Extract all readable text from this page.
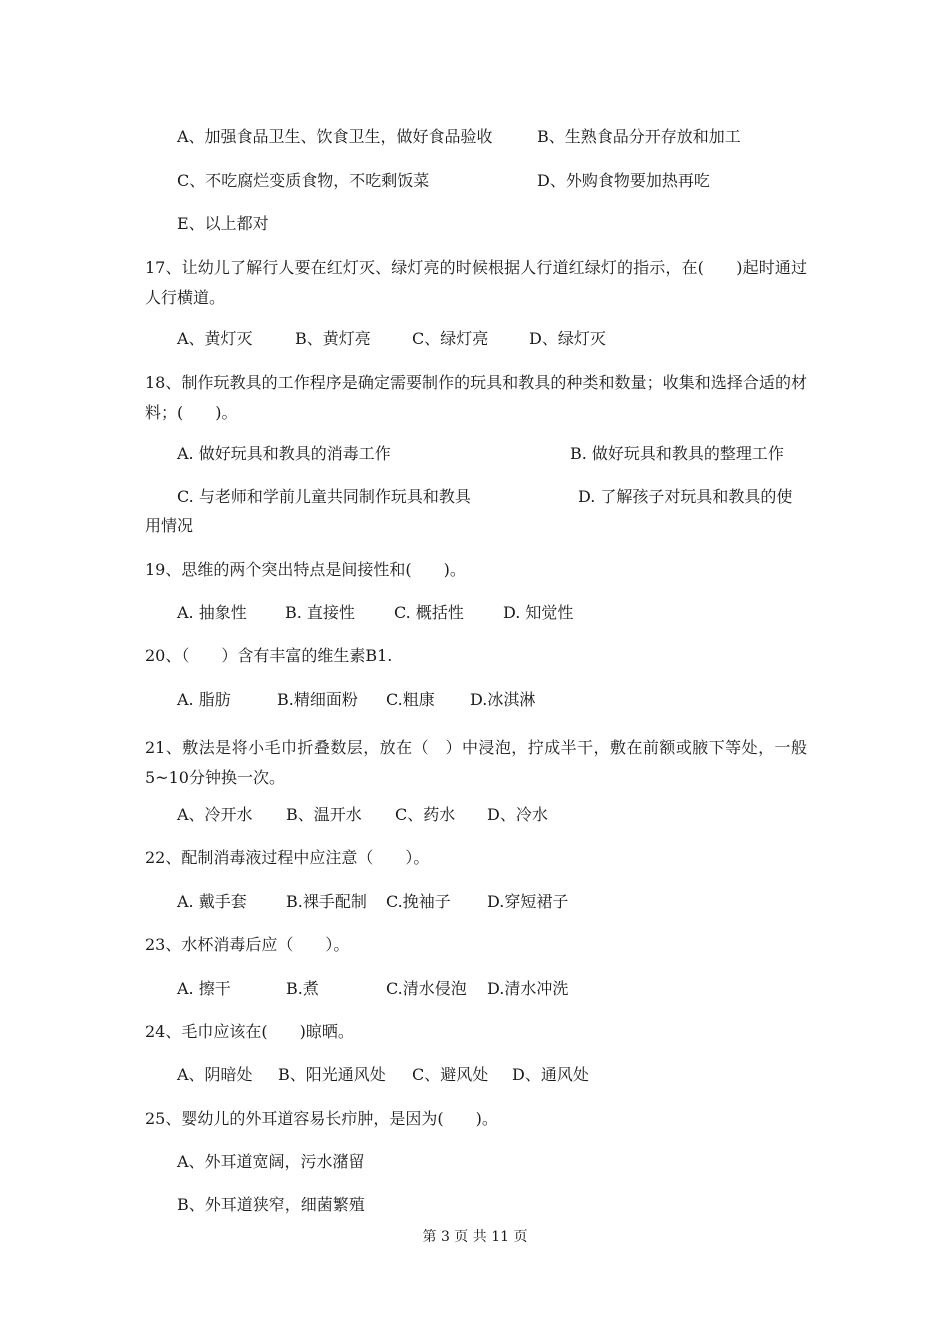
A、加强食品卫生、饮食卫生，做好食品验收	B、生熟食品分开存放和加工
C、不吃腐烂变质食物，不吃剩饭菜	D、外购食物要加热再吃
E、以上都对
17、让幼儿了解行人要在红灯灭、绿灯亮的时候根据人行道红绿灯的指示，在(　　)起时通过人行横道。
A、黄灯灭	B、黄灯亮	C、绿灯亮	D、绿灯灭
18、制作玩教具的工作程序是确定需要制作的玩具和教具的种类和数量；收集和选择合适的材料；(　　)。
A. 做好玩具和教具的消毒工作	B. 做好玩具和教具的整理工作
C. 与老师和学前儿童共同制作玩具和教具	D. 了解孩子对玩具和教具的使
用情况
19、思维的两个突出特点是间接性和(　　)。
A. 抽象性 B. 直接性 C. 概括性 D. 知觉性
20、（　　）含有丰富的维生素B1.
A. 脂肪	B.精细面粉 C.粗康 D.冰淇淋
21、敷法是将小毛巾折叠数层，放在（　）中浸泡，拧成半干，敷在前额或腋下等处，一般5~10分钟换一次。
A、冷开水 B、温开水 C、药水 D、冷水
22、配制消毒液过程中应注意（　　）。
A. 戴手套 B.裸手配制 C.挽袖子 D.穿短裙子
23、水杯消毒后应（　　）。
A. 擦干	B.煮	C.清水侵泡 D.清水冲洗
24、毛巾应该在(　　)晾晒。
A、阴暗处 B、阳光通风处 C、避风处 D、通风处
25、婴幼儿的外耳道容易长疖肿，是因为(　　)。
A、外耳道宽阔，污水潴留
B、外耳道狭窄，细菌繁殖
第 3 页 共 11 页
